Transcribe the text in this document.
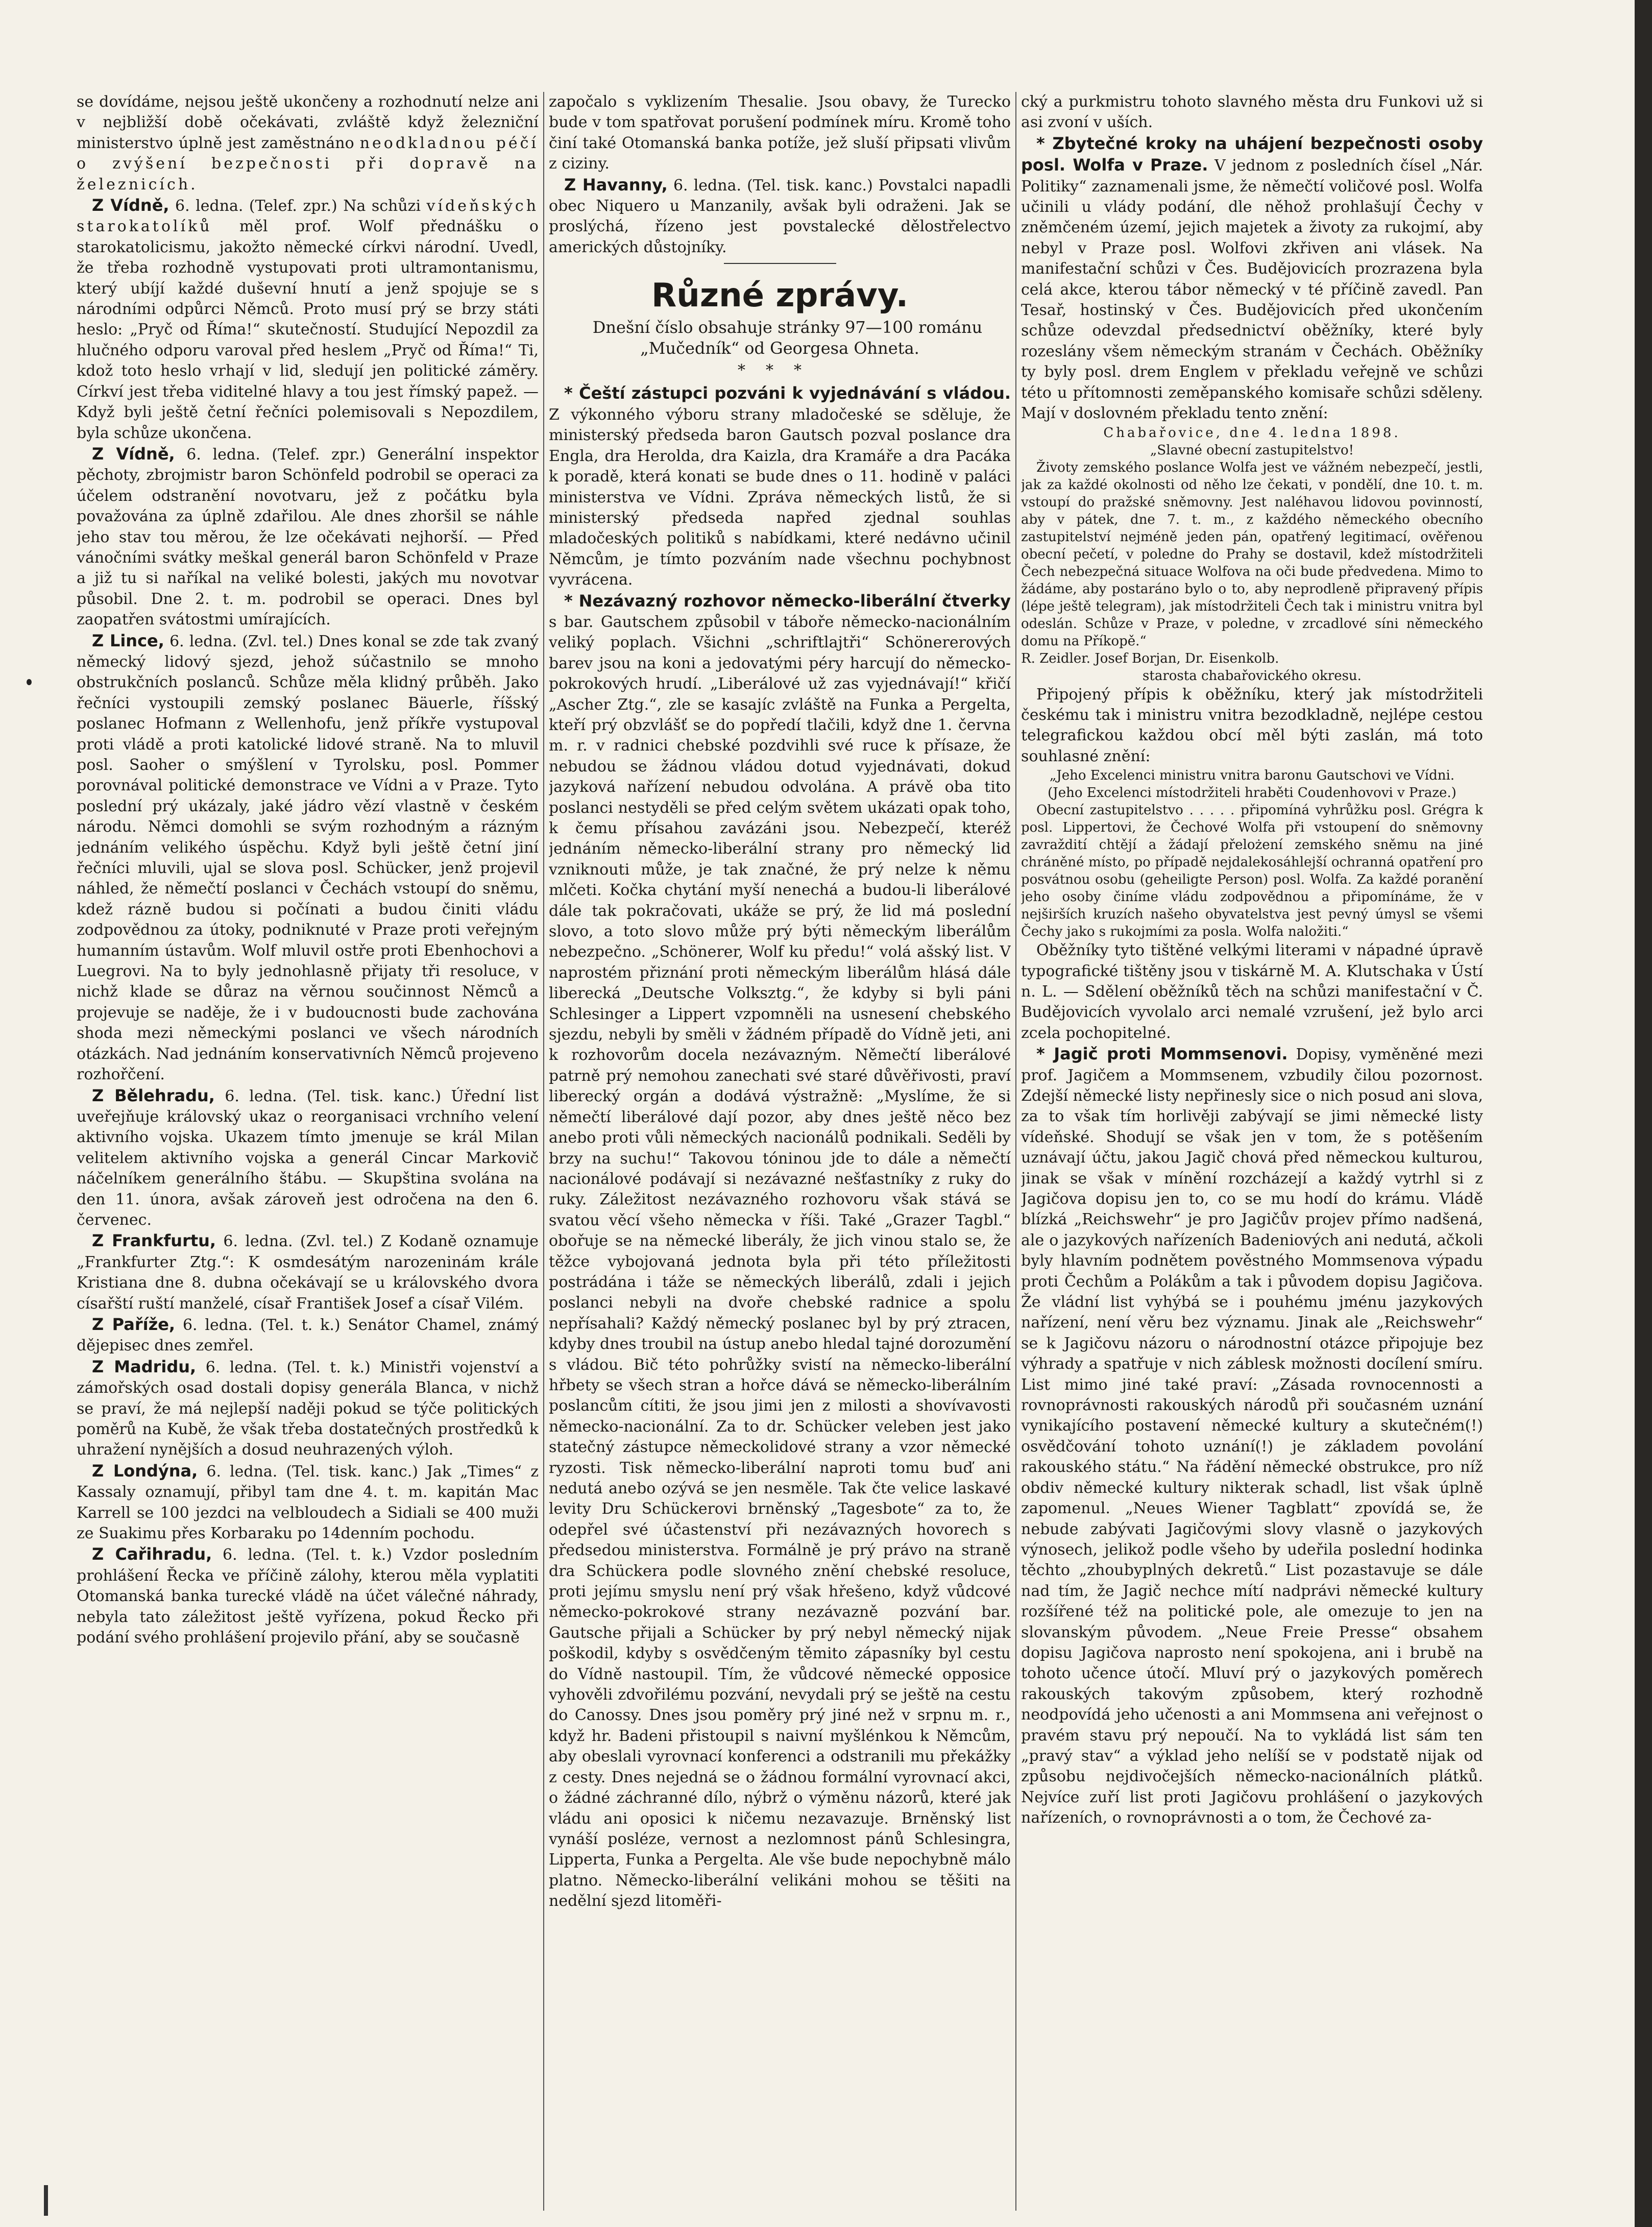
se dovídáme, nejsou ještě ukončeny a rozhodnutí nelze ani v nejbližší době očekávati, zvláště když železniční ministerstvo úplně jest zaměstnáno neodkladnou péčí o zvýšení bezpečnosti při dopravě na železnicích.

Z Vídně, 6. ledna. (Telef. zpr.) Na schůzi vídeňských starokatolíků měl prof. Wolf přednášku o starokatolicismu, jakožto německé církvi národní. Uvedl, že třeba rozhodně vystupovati proti ultramontanismu, který ubíjí každé duševní hnutí a jenž spojuje se s národními odpůrci Němců. Proto musí prý se brzy státi heslo: „Pryč od Říma!“ skutečností. Studující Nepozdil za hlučného odporu varoval před heslem „Pryč od Říma!“ Ti, kdož toto heslo vrhají v lid, sledují jen politické záměry. Církví jest třeba viditelné hlavy a tou jest římský papež. — Když byli ještě četní řečníci polemisovali s Nepozdilem, byla schůze ukončena.

Z Vídně, 6. ledna. (Telef. zpr.) Generální inspektor pěchoty, zbrojmistr baron Schönfeld podrobil se operaci za účelem odstranění novotvaru, jež z počátku byla považována za úplně zdařilou. Ale dnes zhoršil se náhle jeho stav tou měrou, že lze očekávati nejhorší. — Před vánočními svátky meškal generál baron Schönfeld v Praze a již tu si naříkal na veliké bolesti, jakých mu novotvar působil. Dne 2. t. m. podrobil se operaci. Dnes byl zaopatřen svátostmi umírajících.

Z Lince, 6. ledna. (Zvl. tel.) Dnes konal se zde tak zvaný německý lidový sjezd, jehož súčastnilo se mnoho obstrukčních poslanců. Schůze měla klidný průběh. Jako řečníci vystoupili zemský poslanec Bäuerle, říšský poslanec Hofmann z Wellenhofu, jenž příkře vystupoval proti vládě a proti katolické lidové straně. Na to mluvil posl. Saoher o smýšlení v Tyrolsku, posl. Pommer porovnával politické demonstrace ve Vídni a v Praze. Tyto poslední prý ukázaly, jaké jádro vězí vlastně v českém národu. Němci domohli se svým rozhodným a rázným jednáním velikého úspěchu. Když byli ještě četní jiní řečníci mluvili, ujal se slova posl. Schücker, jenž projevil náhled, že němečtí poslanci v Čechách vstoupí do sněmu, kdež rázně budou si počínati a budou činiti vládu zodpovědnou za útoky, podniknuté v Praze proti veřejným humanním ústavům. Wolf mluvil ostře proti Ebenhochovi a Luegrovi. Na to byly jednohlasně přijaty tři resoluce, v nichž klade se důraz na věrnou součinnost Němců a projevuje se naděje, že i v budoucnosti bude zachována shoda mezi německými poslanci ve všech národních otázkách. Nad jednáním konservativních Němců projeveno rozhořčení.

Z Bělehradu, 6. ledna. (Tel. tisk. kanc.) Úřední list uveřejňuje královský ukaz o reorganisaci vrchního velení aktivního vojska. Ukazem tímto jmenuje se král Milan velitelem aktivního vojska a generál Cincar Markovič náčelníkem generálního štábu. — Skupština svolána na den 11. února, avšak zároveň jest odročena na den 6. červenec.

Z Frankfurtu, 6. ledna. (Zvl. tel.) Z Kodaně oznamuje „Frankfurter Ztg.“: K osmdesátým narozeninám krále Kristiana dne 8. dubna očekávají se u královského dvora císařští ruští manželé, císař František Josef a císař Vilém.

Z Paříže, 6. ledna. (Tel. t. k.) Senátor Chamel, známý dějepisec dnes zemřel.

Z Madridu, 6. ledna. (Tel. t. k.) Ministři vojenství a zámořských osad dostali dopisy generála Blanca, v nichž se praví, že má nejlepší naději pokud se týče politických poměrů na Kubě, že však třeba dostatečných prostředků k uhražení nynějších a dosud neuhrazených výloh.

Z Londýna, 6. ledna. (Tel. tisk. kanc.) Jak „Times“ z Kassaly oznamují, přibyl tam dne 4. t. m. kapitán Mac Karrell se 100 jezdci na velbloudech a Sidiali se 400 muži ze Suakimu přes Korbaraku po 14denním pochodu.

Z Cařihradu, 6. ledna. (Tel. t. k.) Vzdor posledním prohlášení Řecka ve příčině zálohy, kterou měla vyplatiti Otomanská banka turecké vládě na účet válečné náhrady, nebyla tato záležitost ještě vyřízena, pokud Řecko při podání svého prohlášení projevilo přání, aby se současně

započalo s vyklizením Thesalie. Jsou obavy, že Turecko bude v tom spatřovat porušení podmínek míru. Kromě toho činí také Otomanská banka potíže, jež sluší připsati vlivům z ciziny.

Z Havanny, 6. ledna. (Tel. tisk. kanc.) Povstalci napadli obec Niquero u Manzanily, avšak byli odraženi. Jak se proslýchá, řízeno jest povstalecké dělostřelectvo amerických důstojníky.

Různé zprávy.

Dnešní číslo obsahuje stránky 97—100 románu „Mučedník“ od Georgesa Ohneta.

***

* Čeští zástupci pozváni k vyjednávání s vládou. Z výkonného výboru strany mladočeské se sděluje, že ministerský předseda baron Gautsch pozval poslance dra Engla, dra Herolda, dra Kaizla, dra Kramáře a dra Pacáka k poradě, která konati se bude dnes o 11. hodině v paláci ministerstva ve Vídni. Zpráva německých listů, že si ministerský předseda napřed zjednal souhlas mladočeských politiků s nabídkami, které nedávno učinil Němcům, je tímto pozváním nade všechnu pochybnost vyvrácena.

* Nezávazný rozhovor německo-liberální čtverky s bar. Gautschem způsobil v táboře německo-nacionálním veliký poplach. Všichni „schriftlajtři“ Schönererových barev jsou na koni a jedovatými péry harcují do německo-pokrokových hrudí. „Liberálové už zas vyjednávají!“ křičí „Ascher Ztg.“, zle se kasajíc zvláště na Funka a Pergelta, kteří prý obzvlášť se do popředí tlačili, když dne 1. června m. r. v radnici chebské pozdvihli své ruce k přísaze, že nebudou se žádnou vládou dotud vyjednávati, dokud jazyková nařízení nebudou odvolána. A právě oba tito poslanci nestyděli se před celým světem ukázati opak toho, k čemu přísahou zavázáni jsou. Nebezpečí, kteréž jednáním německo-liberální strany pro německý lid vzniknouti může, je tak značné, že prý nelze k němu mlčeti. Kočka chytání myší nenechá a budou-li liberálové dále tak pokračovati, ukáže se prý, že lid má poslední slovo, a toto slovo může prý býti německým liberálům nebezpečno. „Schönerer, Wolf ku předu!“ volá ašský list. V naprostém přiznání proti německým liberálům hlásá dále liberecká „Deutsche Volksztg.“, že kdyby si byli páni Schlesinger a Lippert vzpomněli na usnesení chebského sjezdu, nebyli by směli v žádném případě do Vídně jeti, ani k rozhovorům docela nezávazným. Němečtí liberálové patrně prý nemohou zanechati své staré důvěřivosti, praví liberecký orgán a dodává výstražně: „Myslíme, že si němečtí liberálové dají pozor, aby dnes ještě něco bez anebo proti vůli německých nacionálů podnikali. Seděli by brzy na suchu!“ Takovou tóninou jde to dále a němečtí nacionálové podávají si nezávazné nešťastníky z ruky do ruky. Záležitost nezávazného rozhovoru však stává se svatou věcí všeho německa v říši. Také „Grazer Tagbl.“ obořuje se na německé liberály, že jich vinou stalo se, že těžce vybojovaná jednota byla při této příležitosti postrádána i táže se německých liberálů, zdali i jejich poslanci nebyli na dvoře chebské radnice a spolu nepřísahali? Každý německý poslanec byl by prý ztracen, kdyby dnes troubil na ústup anebo hledal tajné dorozumění s vládou. Bič této pohrůžky svistí na německo-liberální hřbety se všech stran a hořce dává se německo-liberálním poslancům cítiti, že jsou jimi jen z milosti a shovívavosti německo-nacionální. Za to dr. Schücker veleben jest jako statečný zástupce německolidové strany a vzor německé ryzosti. Tisk německo-liberální naproti tomu buď ani nedutá anebo ozývá se jen nesměle. Tak čte velice laskavé levity Dru Schückerovi brněnský „Tagesbote“ za to, že odepřel své účastenství při nezávazných hovorech s předsedou ministerstva. Formálně je prý právo na straně dra Schückera podle slovného znění chebské resoluce, proti jejímu smyslu není prý však hřešeno, když vůdcové německo-pokrokové strany nezávazně pozvání bar. Gautsche přijali a Schücker by prý nebyl německý nijak poškodil, kdyby s osvědčeným těmito zápasníky byl cestu do Vídně nastoupil. Tím, že vůdcové německé opposice vyhověli zdvořilému pozvání, nevydali prý se ještě na cestu do Canossy. Dnes jsou poměry prý jiné než v srpnu m. r., když hr. Badeni přistoupil s naivní myšlénkou k Němcům, aby obeslali vyrovnací konferenci a odstranili mu překážky z cesty. Dnes nejedná se o žádnou formální vyrovnací akci, o žádné záchranné dílo, nýbrž o výměnu názorů, které jak vládu ani oposici k ničemu nezavazuje. Brněnský list vynáší posléze, vernost a nezlomnost pánů Schlesingra, Lipperta, Funka a Pergelta. Ale vše bude nepochybně málo platno. Německo-liberální velikáni mohou se těšiti na nedělní sjezd litoměři-

cký a purkmistru tohoto slavného města dru Funkovi už si asi zvoní v uších.

* Zbytečné kroky na uhájení bezpečnosti osoby posl. Wolfa v Praze. V jednom z posledních čísel „Nár. Politiky“ zaznamenali jsme, že němečtí voličové posl. Wolfa učinili u vlády podání, dle něhož prohlašují Čechy v zněmčeném území, jejich majetek a životy za rukojmí, aby nebyl v Praze posl. Wolfovi zkřiven ani vlásek. Na manifestační schůzi v Čes. Budějovicích prozrazena byla celá akce, kterou tábor německý v té příčině zavedl. Pan Tesař, hostinský v Čes. Budějovicích před ukončením schůze odevzdal předsednictví oběžníky, které byly rozeslány všem německým stranám v Čechách. Oběžníky ty byly posl. drem Englem v překladu veřejně ve schůzi této u přítomnosti zeměpanského komisaře schůzi sděleny. Mají v doslovném překladu tento znění:

Chabařovice, dne 4. ledna 1898.

„Slavné obecní zastupitelstvo!

Životy zemského poslance Wolfa jest ve vážném nebezpečí, jestli, jak za každé okolnosti od něho lze čekati, v pondělí, dne 10. t. m. vstoupí do pražské sněmovny. Jest naléhavou lidovou povinností, aby v pátek, dne 7. t. m., z každého německého obecního zastupitelství nejméně jeden pán, opatřený legitimací, ověřenou obecní pečetí, v poledne do Prahy se dostavil, kdež místodržiteli Čech nebezpečná situace Wolfova na oči bude předvedena. Mimo to žádáme, aby postaráno bylo o to, aby neprodleně připravený přípis (lépe ještě telegram), jak místodržiteli Čech tak i ministru vnitra byl odeslán. Schůze v Praze, v poledne, v zrcadlové síni německého domu na Příkopě.“

R. Zeidler. Josef Borjan, Dr. Eisenkolb.

starosta chabařovického okresu.

Připojený přípis k oběžníku, který jak místodržiteli českému tak i ministru vnitra bezodkladně, nejlépe cestou telegrafickou každou obcí měl býti zaslán, má toto souhlasné znění:

„Jeho Excelenci ministru vnitra baronu Gautschovi ve Vídni.

(Jeho Excelenci místodržiteli hraběti Coudenhovovi v Praze.)

Obecní zastupitelstvo . . . . . připomíná vyhrůžku posl. Grégra k posl. Lippertovi, že Čechové Wolfa při vstoupení do sněmovny zavraždití chtějí a žádají přelożení zemského sněmu na jiné chráněné místo, po případě nejdalekosáhlejší ochranná opatření pro posvátnou osobu (geheiligte Person) posl. Wolfa. Za každé poranění jeho osoby činíme vládu zodpovědnou a připomínáme, že v nejširších kruzích našeho obyvatelstva jest pevný úmysl se všemi Čechy jako s rukojmími za posla. Wolfa naložiti.“

Oběžníky tyto tištěné velkými literami v nápadné úpravě typografické tištěny jsou v tiskárně M. A. Klutschaka v Ústí n. L. — Sdělení oběžníků těch na schůzi manifestační v Č. Budějovicích vyvolalo arci nemalé vzrušení, jež bylo arci zcela pochopitelné.

* Jagič proti Mommsenovi. Dopisy, vyměněné mezi prof. Jagičem a Mommsenem, vzbudily čilou pozornost. Zdejší německé listy nepřinesly sice o nich posud ani slova, za to však tím horlivěji zabývají se jimi německé listy vídeňské. Shodují se však jen v tom, že s potěšením uznávají účtu, jakou Jagič chová před německou kulturou, jinak se však v mínění rozcházejí a každý vytrhl si z Jagičova dopisu jen to, co se mu hodí do krámu. Vládě blízká „Reichswehr“ je pro Jagičův projev přímo nadšená, ale o jazykových nařízeních Badeniových ani nedutá, ačkoli byly hlavním podnětem pověstného Mommsenova výpadu proti Čechům a Polákům a tak i původem dopisu Jagičova. Že vládní list vyhýbá se i pouhému jménu jazykových nařízení, není věru bez významu. Jinak ale „Reichswehr“ se k Jagičovu názoru o národnostní otázce připojuje bez výhrady a spatřuje v nich záblesk možnosti docílení smíru. List mimo jiné také praví: „Zásada rovnocennosti a rovnoprávnosti rakouských národů při současném uznání vynikajícího postavení německé kultury a skutečném(!) osvědčování tohoto uznání(!) je základem povolání rakouského státu.“ Na řádění německé obstrukce, pro níž obdiv německé kultury nikterak schadl, list však úplně zapomenul. „Neues Wiener Tagblatt“ zpovídá se, že nebude zabývati Jagičovými slovy vlasně o jazykových výnosech, jelikož podle všeho by udeřila poslední hodinka těchto „zhoubyplných dekretů.“ List pozastavuje se dále nad tím, že Jagič nechce mítí nadprávi německé kultury rozšířené též na politické pole, ale omezuje to jen na slovanským původem. „Neue Freie Presse“ obsahem dopisu Jagičova naprosto není spokojena, ani i brubě na tohoto učence útočí. Mluví prý o jazykových poměrech rakouských takovým způsobem, který rozhodně neodpovídá jeho učenosti a ani Mommsena ani veřejnost o pravém stavu prý nepoučí. Na to vykládá list sám ten „pravý stav“ a výklad jeho nelíší se v podstatě nijak od způsobu nejdivočejších německo-nacionálních plátků. Nejvíce zuří list proti Jagičovu prohlášení o jazykových nařízeních, o rovnoprávnosti a o tom, že Čechové za-
